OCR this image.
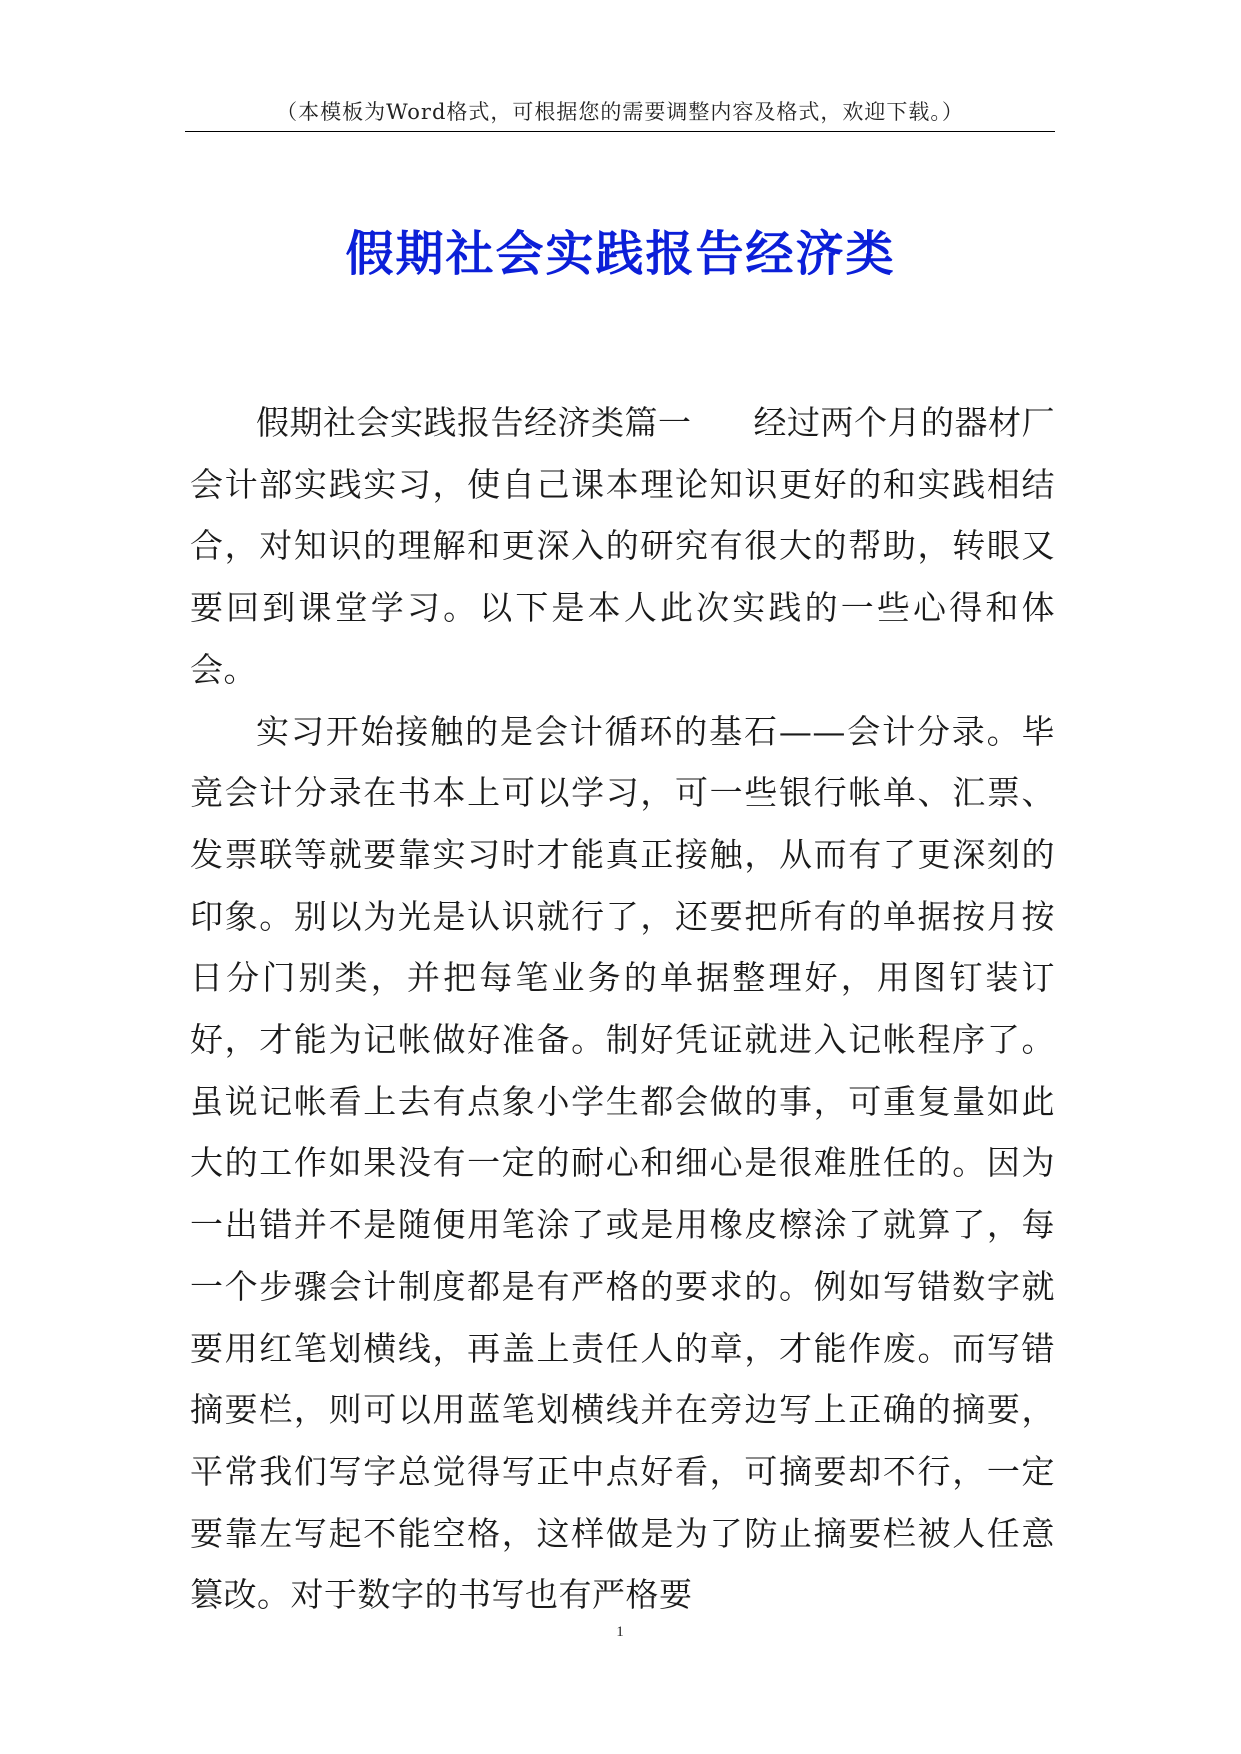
（本模板为Word格式，可根据您的需要调整内容及格式，欢迎下载。）
假期社会实践报告经济类

假期社会实践报告经济类篇一 经过两个月的器材厂会计部实践实习，使自己课本理论知识更好的和实践相结合，对知识的理解和更深入的研究有很大的帮助，转眼又要回到课堂学习。以下是本人此次实践的一些心得和体会。

实习开始接触的是会计循环的基石——会计分录。毕竟会计分录在书本上可以学习，可一些银行帐单、汇票、发票联等就要靠实习时才能真正接触，从而有了更深刻的印象。别以为光是认识就行了，还要把所有的单据按月按日分门别类，并把每笔业务的单据整理好，用图钉装订好，才能为记帐做好准备。制好凭证就进入记帐程序了。虽说记帐看上去有点象小学生都会做的事，可重复量如此大的工作如果没有一定的耐心和细心是很难胜任的。因为一出错并不是随便用笔涂了或是用橡皮檫涂了就算了，每一个步骤会计制度都是有严格的要求的。例如写错数字就要用红笔划横线，再盖上责任人的章，才能作废。而写错摘要栏，则可以用蓝笔划横线并在旁边写上正确的摘要，平常我们写字总觉得写正中点好看，可摘要却不行，一定要靠左写起不能空格，这样做是为了防止摘要栏被人任意篡改。对于数字的书写也有严格要

1
